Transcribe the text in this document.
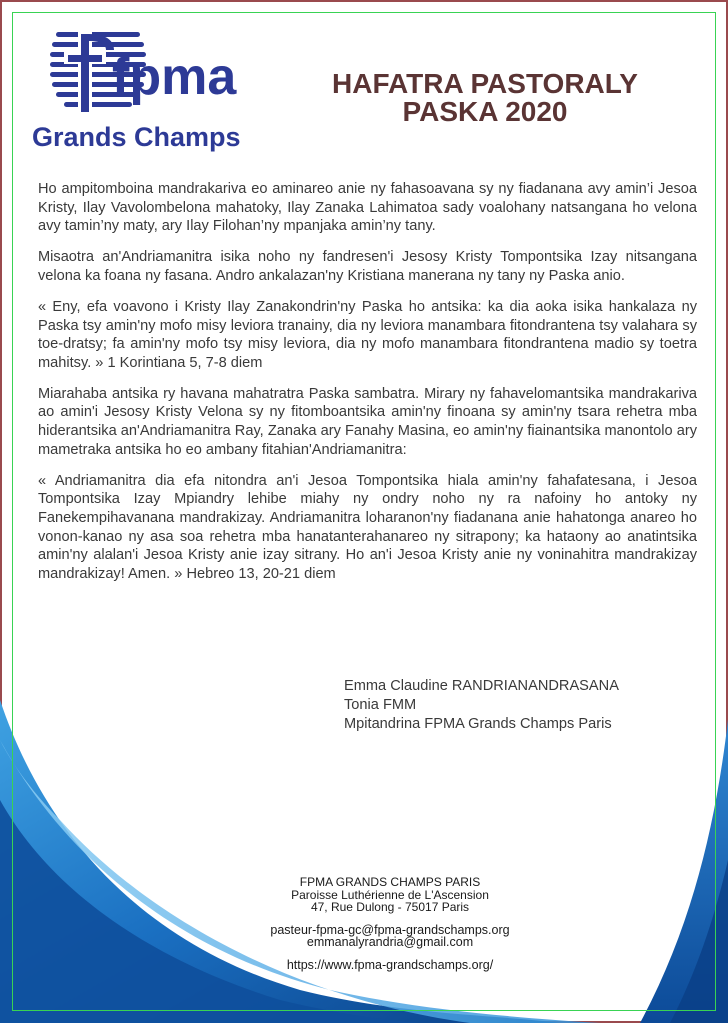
fpma
Grands Champs
HAFATRA PASTORALY
PASKA 2020

Ho ampitomboina mandrakariva eo aminareo anie ny fahasoavana sy ny fiadanana avy amin’i Jesoa Kristy, Ilay Vavolombelona mahatoky, Ilay Zanaka Lahimatoa sady voalohany natsangana ho velona avy tamin’ny maty, ary Ilay Filohan’ny mpanjaka amin’ny tany.

Misaotra an'Andriamanitra isika noho ny fandresen'i Jesosy Kristy Tompontsika Izay nitsangana velona ka foana ny fasana. Andro ankalazan'ny Kristiana manerana ny tany ny Paska anio.

« Eny, efa voavono i Kristy Ilay Zanakondrin'ny Paska ho antsika: ka dia aoka isika hankalaza ny Paska tsy amin'ny mofo misy leviora tranainy, dia ny leviora manambara fitondrantena tsy valahara sy toe-dratsy; fa amin'ny mofo tsy misy leviora, dia ny mofo manambara fitondrantena madio sy toetra mahitsy. » 1 Korintiana 5, 7-8 diem

Miarahaba antsika ry havana mahatratra Paska sambatra. Mirary ny fahavelomantsika mandrakariva ao amin'i Jesosy Kristy Velona sy ny fitomboantsika amin'ny finoana sy amin'ny tsara rehetra mba hiderantsika an'Andriamanitra Ray, Zanaka ary Fanahy Masina, eo amin'ny fiainantsika manontolo ary mametraka antsika ho eo ambany fitahian'Andriamanitra:

« Andriamanitra dia efa nitondra an'i Jesoa Tompontsika hiala amin'ny fahafatesana, i Jesoa Tompontsika Izay Mpiandry lehibe miahy ny ondry noho ny ra nafoiny ho antoky ny Fanekempihavanana mandrakizay. Andriamanitra loharanon'ny fiadanana anie hahatonga anareo ho vonon-kanao ny asa soa rehetra mba hanatanterahanareo ny sitrapony; ka hataony ao anatintsika amin'ny alalan'i Jesoa Kristy anie izay sitrany. Ho an'i Jesoa Kristy anie ny voninahitra mandrakizay mandrakizay! Amen. » Hebreo 13, 20-21 diem

Emma Claudine RANDRIANANDRASANA
Tonia FMM
Mpitandrina FPMA Grands Champs Paris
FPMA GRANDS CHAMPS PARIS
Paroisse Luthérienne de L'Ascension
47, Rue Dulong - 75017 Paris
pasteur-fpma-gc@fpma-grandschamps.org
emmanalyrandria@gmail.com
https://www.fpma-grandschamps.org/
